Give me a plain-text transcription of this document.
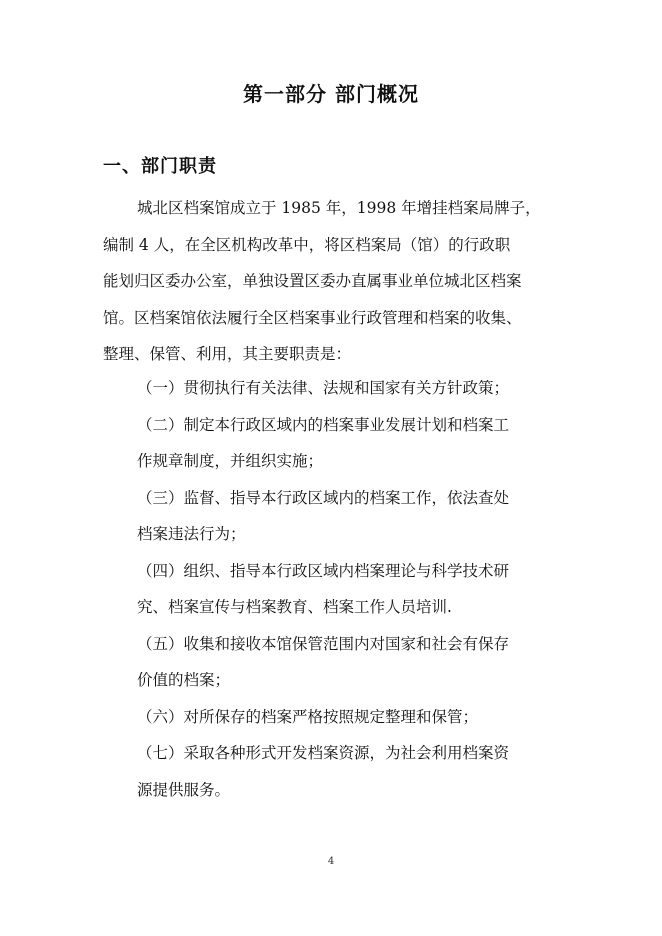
第一部分 部门概况
一、部门职责
城北区档案馆成立于 1985 年，1998 年增挂档案局牌子，
编制 4 人，在全区机构改革中，将区档案局（馆）的行政职
能划归区委办公室，单独设置区委办直属事业单位城北区档案
馆。区档案馆依法履行全区档案事业行政管理和档案的收集、
整理、保管、利用，其主要职责是：
（一）贯彻执行有关法律、法规和国家有关方针政策；
（二）制定本行政区域内的档案事业发展计划和档案工
作规章制度，并组织实施；
（三）监督、指导本行政区域内的档案工作，依法查处
档案违法行为；
（四）组织、指导本行政区域内档案理论与科学技术研
究、档案宣传与档案教育、档案工作人员培训.
（五）收集和接收本馆保管范围内对国家和社会有保存
价值的档案；
（六）对所保存的档案严格按照规定整理和保管；
（七）采取各种形式开发档案资源，为社会利用档案资
源提供服务。
4
